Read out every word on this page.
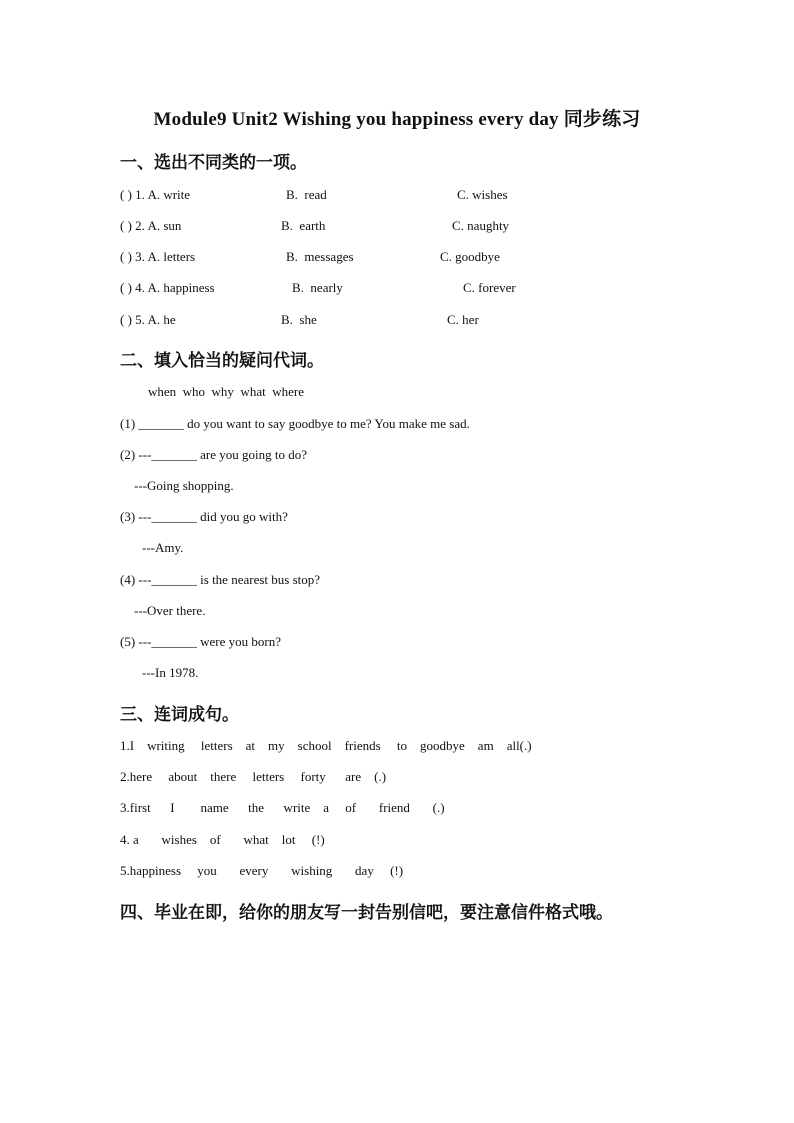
Module9 Unit2 Wishing you happiness every day 同步练习
一、选出不同类的一项。
( ) 1. A. write	B.  read	C. wishes
( ) 2. A. sun	B.  earth	C. naughty
( ) 3. A. letters	B.  messages	C. goodbye
( ) 4. A. happiness	B.  nearly	C. forever
( ) 5. A. he	B.  she	C. her
二、填入恰当的疑问代词。
when  who  why  what  where
(1) _______ do you want to say goodbye to me? You make me sad.
(2) ---_______ are you going to do?
---Going shopping.
(3) ---_______ did you go with?
---Amy.
(4) ---_______ is the nearest bus stop?
---Over there.
(5) ---_______ were you born?
---In 1978.
三、连词成句。
1.I    writing     letters    at    my    school    friends     to    goodbye    am    all(.)
2.here     about    there     letters     forty      are    (.)
3.first      I        name      the      write    a     of       friend       (.)
4. a       wishes    of       what    lot     (!)
5.happiness     you       every       wishing       day     (!)
四、毕业在即，给你的朋友写一封告别信吧，要注意信件格式哦。
